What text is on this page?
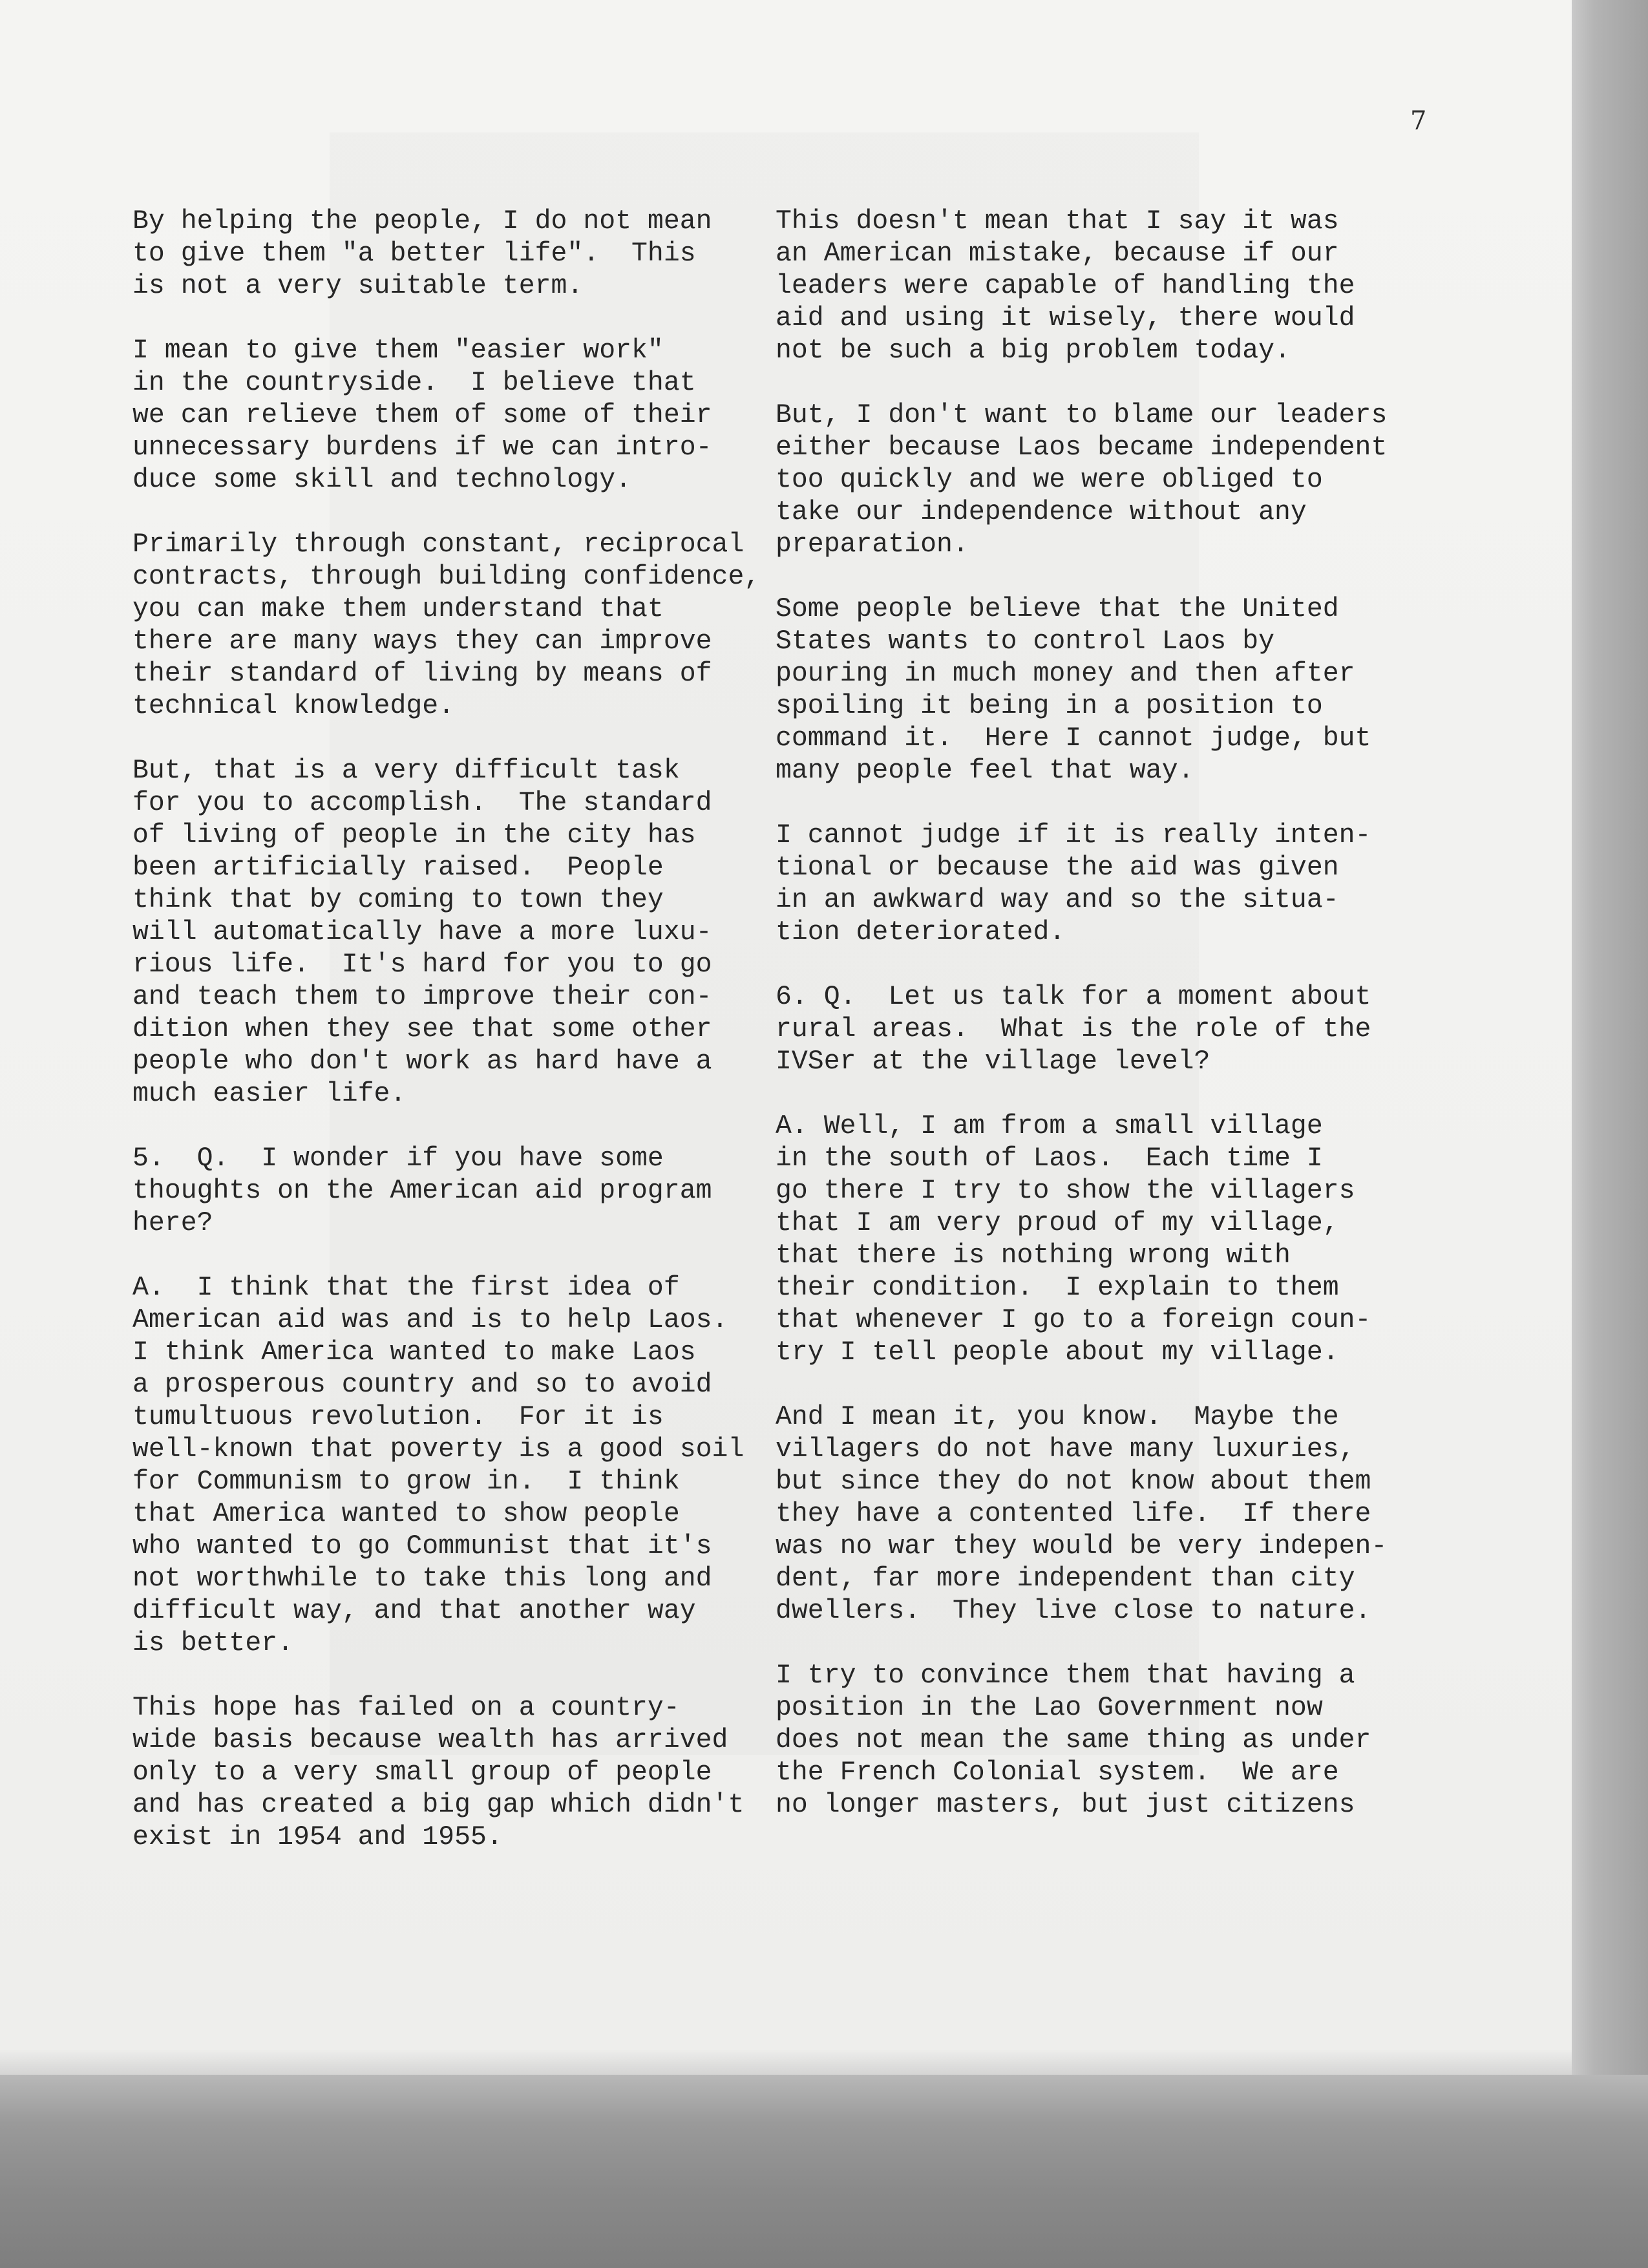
7

By helping the people, I do not mean
to give them "a better life".  This
is not a very suitable term.
I mean to give them "easier work"
in the countryside.  I believe that
we can relieve them of some of their
unnecessary burdens if we can intro-
duce some skill and technology.
Primarily through constant, reciprocal
contracts, through building confidence,
you can make them understand that
there are many ways they can improve
their standard of living by means of
technical knowledge.
But, that is a very difficult task
for you to accomplish.  The standard
of living of people in the city has
been artificially raised.  People
think that by coming to town they
will automatically have a more luxu-
rious life.  It's hard for you to go
and teach them to improve their con-
dition when they see that some other
people who don't work as hard have a
much easier life.
5.  Q.  I wonder if you have some
thoughts on the American aid program
here?
A.  I think that the first idea of
American aid was and is to help Laos.
I think America wanted to make Laos
a prosperous country and so to avoid
tumultuous revolution.  For it is
well-known that poverty is a good soil
for Communism to grow in.  I think
that America wanted to show people
who wanted to go Communist that it's
not worthwhile to take this long and
difficult way, and that another way
is better.
This hope has failed on a country-
wide basis because wealth has arrived
only to a very small group of people
and has created a big gap which didn't
exist in 1954 and 1955.
This doesn't mean that I say it was
an American mistake, because if our
leaders were capable of handling the
aid and using it wisely, there would
not be such a big problem today.
But, I don't want to blame our leaders
either because Laos became independent
too quickly and we were obliged to
take our independence without any
preparation.
Some people believe that the United
States wants to control Laos by
pouring in much money and then after
spoiling it being in a position to
command it.  Here I cannot judge, but
many people feel that way.
I cannot judge if it is really inten-
tional or because the aid was given
in an awkward way and so the situa-
tion deteriorated.
6. Q.  Let us talk for a moment about
rural areas.  What is the role of the
IVSer at the village level?
A. Well, I am from a small village
in the south of Laos.  Each time I
go there I try to show the villagers
that I am very proud of my village,
that there is nothing wrong with
their condition.  I explain to them
that whenever I go to a foreign coun-
try I tell people about my village.
And I mean it, you know.  Maybe the
villagers do not have many luxuries,
but since they do not know about them
they have a contented life.  If there
was no war they would be very indepen-
dent, far more independent than city
dwellers.  They live close to nature.
I try to convince them that having a
position in the Lao Government now
does not mean the same thing as under
the French Colonial system.  We are
no longer masters, but just citizens
